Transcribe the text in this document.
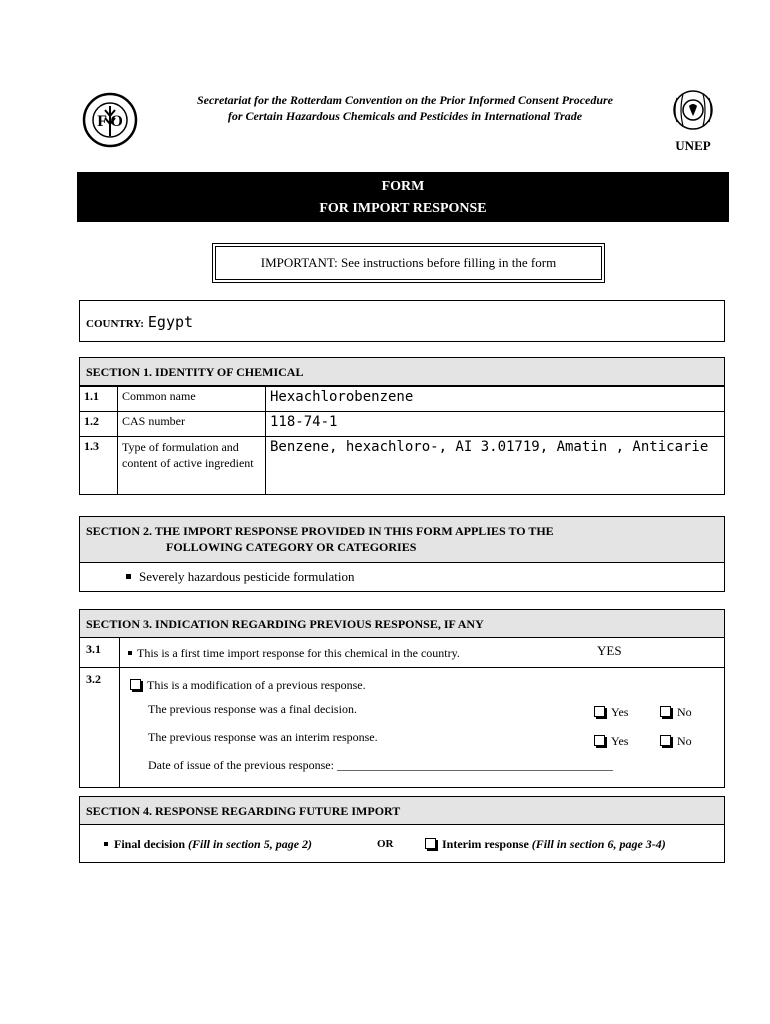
F O
Secretariat for the Rotterdam Convention on the Prior Informed Consent Procedure
for Certain Hazardous Chemicals and Pesticides in International Trade
UNEP
FORM
FOR IMPORT RESPONSE
IMPORTANT: See instructions before filling in the form
COUNTRY: Egypt
SECTION 1. IDENTITY OF CHEMICAL
1.1	Common name	Hexachlorobenzene
1.2	CAS number	118-74-1
1.3	Type of formulation and content of active ingredient	Benzene, hexachloro-, AI 3.01719, Amatin , Anticarie
SECTION 2. THE IMPORT RESPONSE PROVIDED IN THIS FORM APPLIES TO THE
FOLLOWING CATEGORY OR CATEGORIES
Severely hazardous pesticide formulation
SECTION 3. INDICATION REGARDING PREVIOUS RESPONSE, IF ANY
3.1	This is a first time import response for this chemical in the country.	YES
3.2	This is a modification of a previous response.
The previous response was a final decision.	Yes	No
The previous response was an interim response.	Yes	No
Date of issue of the previous response: ______________________________________________
SECTION 4. RESPONSE REGARDING FUTURE IMPORT
Final decision (Fill in section 5, page 2)	OR	Interim response (Fill in section 6, page 3-4)
